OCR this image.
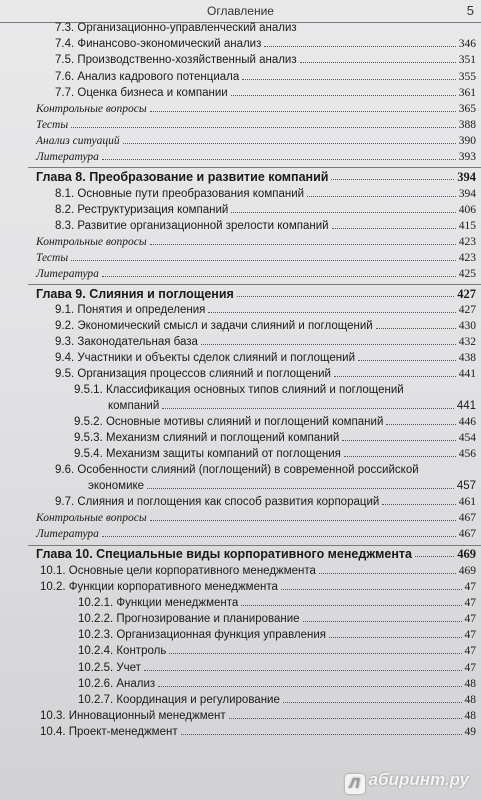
Оглавление	5
7.3. Организационно-управленческий анализ
7.4. Финансово-экономический анализ	346
7.5. Производственно-хозяйственный анализ	351
7.6. Анализ кадрового потенциала	355
7.7. Оценка бизнеса и компании	361
Контрольные вопросы	365
Тесты	388
Анализ ситуаций	390
Литература	393
Глава 8. Преобразование и развитие компаний	394
8.1. Основные пути преобразования компаний	394
8.2. Реструктуризация компаний	406
8.3. Развитие организационной зрелости компаний	415
Контрольные вопросы	423
Тесты	423
Литература	425
Глава 9. Слияния и поглощения	427
9.1. Понятия и определения	427
9.2. Экономический смысл и задачи слияний и поглощений	430
9.3. Законодательная база	432
9.4. Участники и объекты сделок слияний и поглощений	438
9.5. Организация процессов слияний и поглощений	441
9.5.1. Классификация основных типов слияний и поглощений
компаний	441
9.5.2. Основные мотивы слияний и поглощений компаний	446
9.5.3. Механизм слияний и поглощений компаний	454
9.5.4. Механизм защиты компаний от поглощения	456
9.6. Особенности слияний (поглощений) в современной российской
экономике	457
9.7. Слияния и поглощения как способ развития корпораций	461
Контрольные вопросы	467
Литература	467
Глава 10. Специальные виды корпоративного менеджмента	469
10.1. Основные цели корпоративного менеджмента	469
10.2. Функции корпоративного менеджмента	47
10.2.1. Функции менеджмента	47
10.2.2. Прогнозирование и планирование	47
10.2.3. Организационная функция управления	47
10.2.4. Контроль	47
10.2.5. Учет	47
10.2.6. Анализ	48
10.2.7. Координация и регулирование	48
10.3. Инновационный менеджмент	48
10.4. Проект-менеджмент	49
Л абиринт.ру
